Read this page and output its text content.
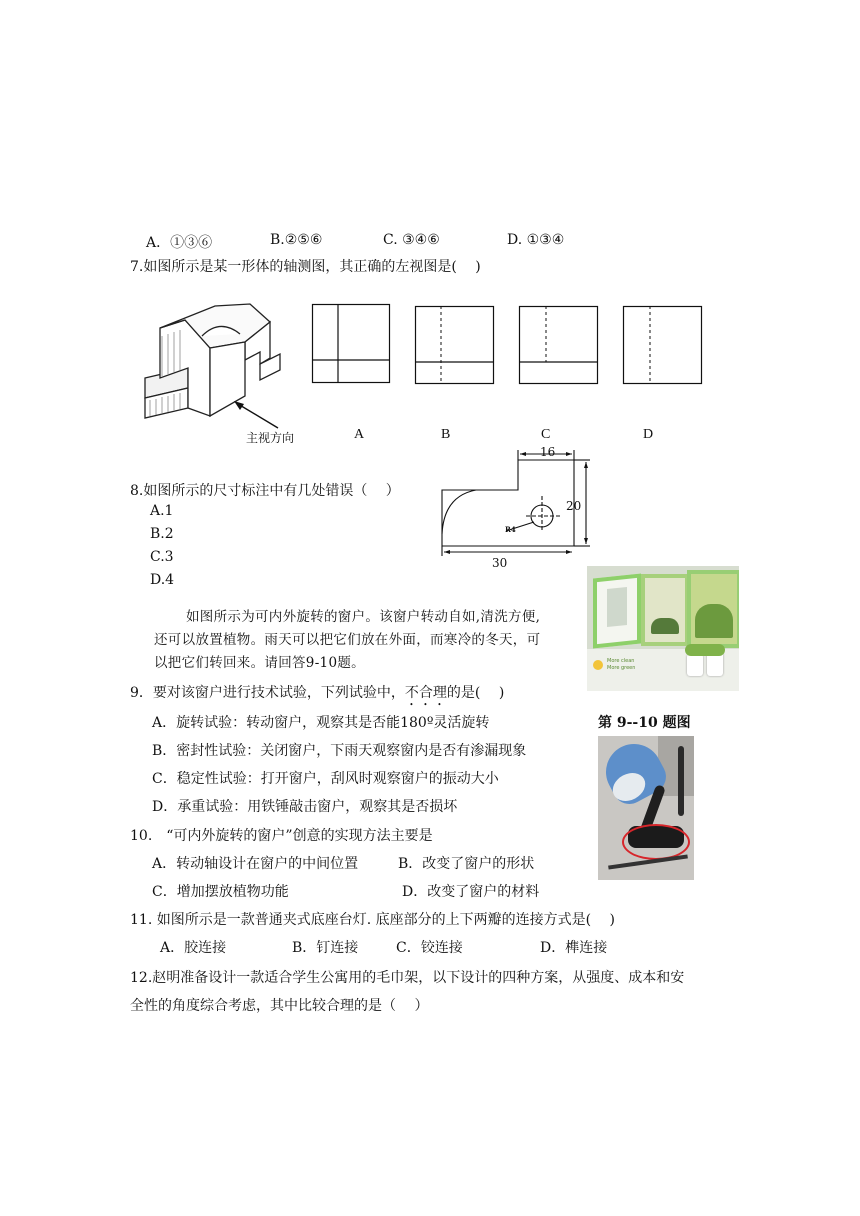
A．①③⑥	B.②⑤⑥	C. ③④⑥	D. ①③④
7.如图所示是某一形体的轴测图，其正确的左视图是(　 )
主视方向	A	B	C	D
8.如图所示的尺寸标注中有几处错误（　 ）
A.1
B.2
C.3
D.4
16
20
30
R4
More clean
More green
如图所示为可内外旋转的窗户。该窗户转动自如,清洗方便,
还可以放置植物。雨天可以把它们放在外面，而寒冷的冬天，可
以把它们转回来。请回答9-10题。
9．要对该窗户进行技术试验，下列试验中，不合理的是(　 )
A．旋转试验：转动窗户，观察其是否能180º灵活旋转
B．密封性试验：关闭窗户，下雨天观察窗内是否有渗漏现象
C．稳定性试验：打开窗户，刮风时观察窗户的振动大小
D．承重试验：用铁锤敲击窗户，观察其是否损坏
第 9--10 题图
10.　“可内外旋转的窗户”创意的实现方法主要是
A．转动轴设计在窗户的中间位置	B．改变了窗户的形状
C．增加摆放植物功能	D．改变了窗户的材料
11. 如图所示是一款普通夹式底座台灯. 底座部分的上下两瓣的连接方式是(　 )
A．胶连接	B．钉连接	C．铰连接	D．榫连接
12.赵明准备设计一款适合学生公寓用的毛巾架，以下设计的四种方案，从强度、成本和安
全性的角度综合考虑，其中比较合理的是（　 ）
